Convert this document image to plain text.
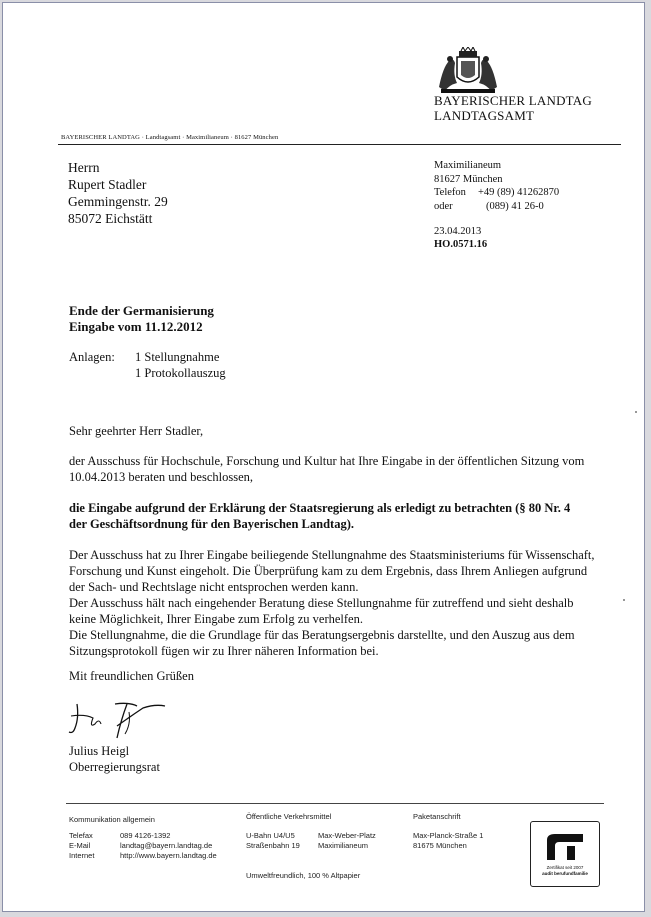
BAYERISCHER LANDTAG
LANDTAGSAMT
BAYERISCHER LANDTAG · Landtagsamt · Maximilianeum · 81627 München
Herrn
Rupert Stadler
Gemmingenstr. 29
85072 Eichstätt
Maximilianeum
81627 München
Telefon	+49 (89) 41262870
oder	(089) 41 26-0
23.04.2013
HO.0571.16
Ende der Germanisierung
Eingabe vom 11.12.2012
Anlagen: 1 Stellungnahme
1 Protokollauszug
Sehr geehrter Herr Stadler,
der Ausschuss für Hochschule, Forschung und Kultur hat Ihre Eingabe in der öffentlichen Sitzung vom 10.04.2013 beraten und beschlossen,
die Eingabe aufgrund der Erklärung der Staatsregierung als erledigt zu betrachten (§ 80 Nr. 4 der Geschäftsordnung für den Bayerischen Landtag).
Der Ausschuss hat zu Ihrer Eingabe beiliegende Stellungnahme des Staatsministeriums für Wissenschaft, Forschung und Kunst eingeholt. Die Überprüfung kam zu dem Ergebnis, dass Ihrem Anliegen aufgrund der Sach- und Rechtslage nicht entsprochen werden kann.
Der Ausschuss hält nach eingehender Beratung diese Stellungnahme für zutreffend und sieht deshalb keine Möglichkeit, Ihrer Eingabe zum Erfolg zu verhelfen.
Die Stellungnahme, die die Grundlage für das Beratungsergebnis darstellte, und den Auszug aus dem Sitzungsprotokoll fügen wir zu Ihrer näheren Information bei.
Mit freundlichen Grüßen
Julius Heigl
Oberregierungsrat
Kommunikation allgemein
Telefax
E-Mail
Internet
089 4126-1392
landtag@bayern.landtag.de
http://www.bayern.landtag.de
Öffentliche Verkehrsmittel
U-Bahn U4/U5
Straßenbahn 19
Max-Weber-Platz
Maximilianeum
Umweltfreundlich, 100 % Altpapier
Paketanschrift
Max-Planck-Straße 1
81675 München
Zertifikat seit 2007
audit berufundfamilie
